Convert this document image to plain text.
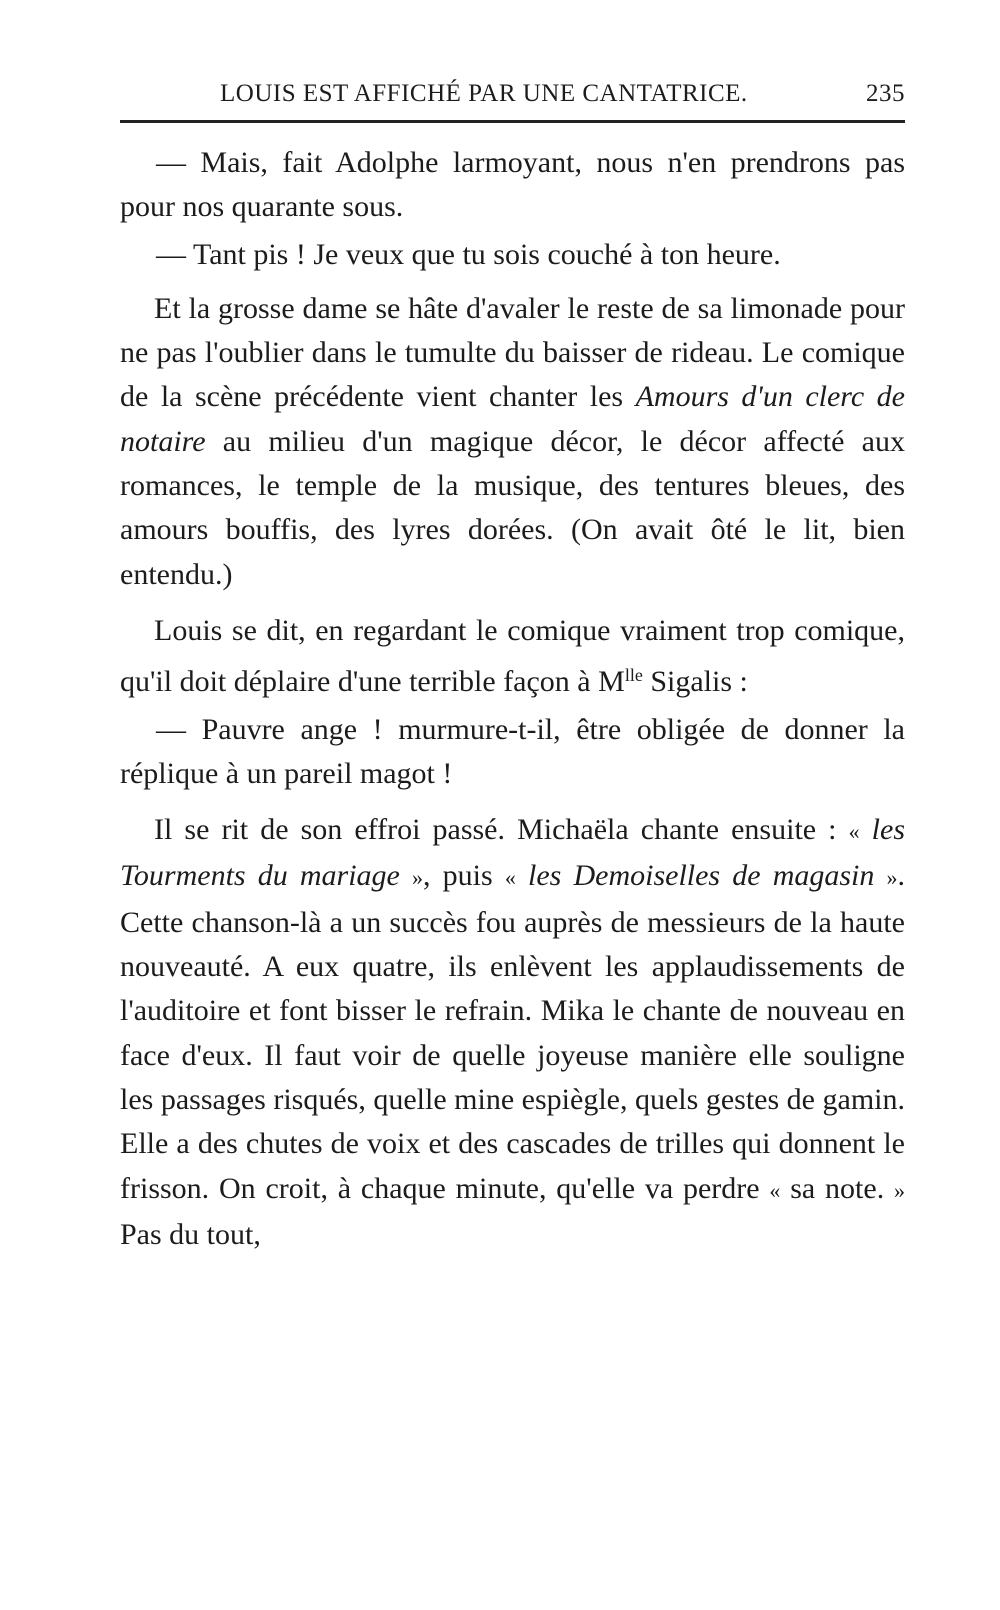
LOUIS EST AFFICHÉ PAR UNE CANTATRICE.	235

— Mais, fait Adolphe larmoyant, nous n'en prendrons pas pour nos quarante sous.

— Tant pis ! Je veux que tu sois couché à ton heure.

Et la grosse dame se hâte d'avaler le reste de sa limonade pour ne pas l'oublier dans le tumulte du baisser de rideau. Le comique de la scène précédente vient chanter les Amours d'un clerc de notaire au milieu d'un magique décor, le décor affecté aux romances, le temple de la musique, des tentures bleues, des amours bouffis, des lyres dorées. (On avait ôté le lit, bien entendu.)

Louis se dit, en regardant le comique vraiment trop comique, qu'il doit déplaire d'une terrible façon à $M^{lle}$ Sigalis :

— Pauvre ange ! murmure-t-il, être obligée de donner la réplique à un pareil magot !

Il se rit de son effroi passé. Michaëla chante ensuite : « les Tourments du mariage », puis « les Demoiselles de magasin ». Cette chanson-là a un succès fou auprès de messieurs de la haute nouveauté. A eux quatre, ils enlèvent les applaudissements de l'auditoire et font bisser le refrain. Mika le chante de nouveau en face d'eux. Il faut voir de quelle joyeuse manière elle souligne les passages risqués, quelle mine espiègle, quels gestes de gamin. Elle a des chutes de voix et des cascades de trilles qui donnent le frisson. On croit, à chaque minute, qu'elle va perdre « sa note. » Pas du tout,
